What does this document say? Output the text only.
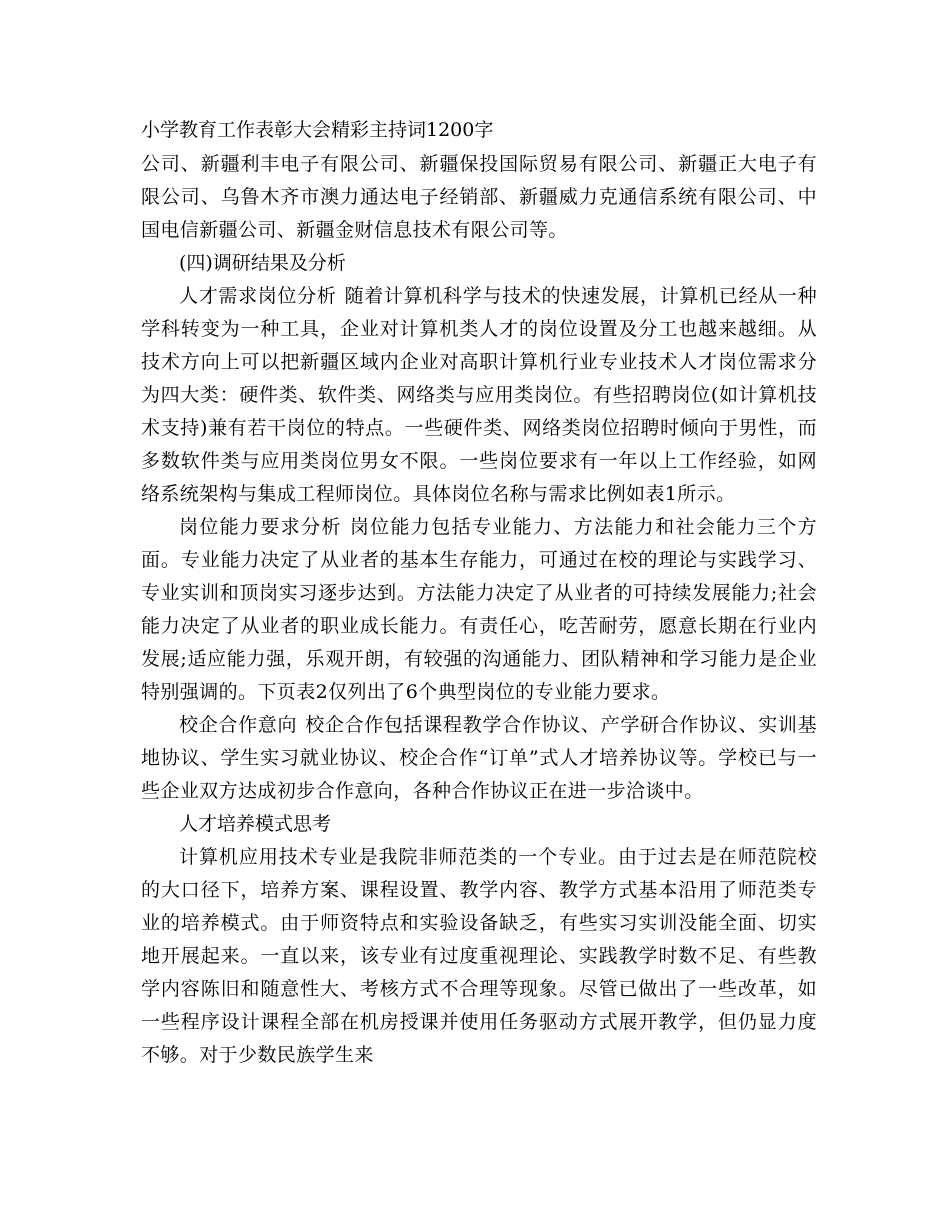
小学教育工作表彰大会精彩主持词1200字

公司、新疆利丰电子有限公司、新疆保投国际贸易有限公司、新疆正大电子有限公司、乌鲁木齐市澳力通达电子经销部、新疆威力克通信系统有限公司、中国电信新疆公司、新疆金财信息技术有限公司等。

(四)调研结果及分析

人才需求岗位分析 随着计算机科学与技术的快速发展，计算机已经从一种学科转变为一种工具，企业对计算机类人才的岗位设置及分工也越来越细。从技术方向上可以把新疆区域内企业对高职计算机行业专业技术人才岗位需求分为四大类：硬件类、软件类、网络类与应用类岗位。有些招聘岗位(如计算机技术支持)兼有若干岗位的特点。一些硬件类、网络类岗位招聘时倾向于男性，而多数软件类与应用类岗位男女不限。一些岗位要求有一年以上工作经验，如网络系统架构与集成工程师岗位。具体岗位名称与需求比例如表1所示。

岗位能力要求分析 岗位能力包括专业能力、方法能力和社会能力三个方面。专业能力决定了从业者的基本生存能力，可通过在校的理论与实践学习、专业实训和顶岗实习逐步达到。方法能力决定了从业者的可持续发展能力;社会能力决定了从业者的职业成长能力。有责任心，吃苦耐劳，愿意长期在行业内发展;适应能力强，乐观开朗，有较强的沟通能力、团队精神和学习能力是企业特别强调的。下页表2仅列出了6个典型岗位的专业能力要求。

校企合作意向 校企合作包括课程教学合作协议、产学研合作协议、实训基地协议、学生实习就业协议、校企合作“订单”式人才培养协议等。学校已与一些企业双方达成初步合作意向，各种合作协议正在进一步洽谈中。

人才培养模式思考

计算机应用技术专业是我院非师范类的一个专业。由于过去是在师范院校的大口径下，培养方案、课程设置、教学内容、教学方式基本沿用了师范类专业的培养模式。由于师资特点和实验设备缺乏，有些实习实训没能全面、切实地开展起来。一直以来，该专业有过度重视理论、实践教学时数不足、有些教学内容陈旧和随意性大、考核方式不合理等现象。尽管已做出了一些改革，如一些程序设计课程全部在机房授课并使用任务驱动方式展开教学，但仍显力度不够。对于少数民族学生来
